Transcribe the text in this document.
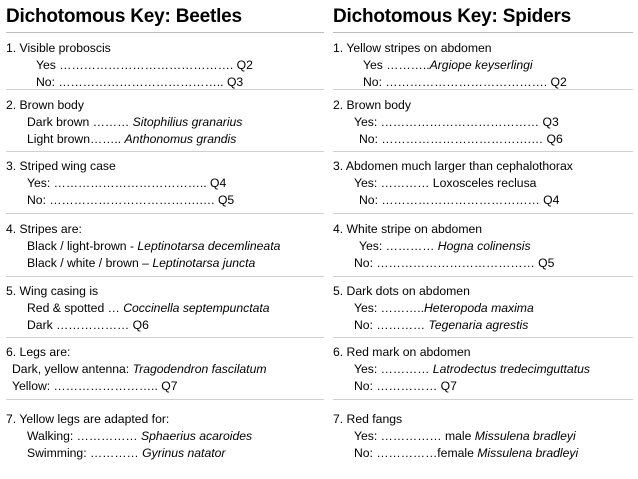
Dichotomous Key: Beetles
1. Visible proboscis
Yes ……………………………………. Q2
No: ………………………………….. Q3
2. Brown body
Dark brown ……… Sitophilius granarius
Light brown…….. Anthonomus grandis
3. Striped wing case
Yes: ……………………………….. Q4
No: ……………………………….…. Q5
4. Stripes are:
Black / light-brown - Leptinotarsa decemlineata
Black / white / brown – Leptinotarsa juncta
5. Wing casing is
Red & spotted … Coccinella septempunctata
Dark ……………… Q6
6. Legs are:
Dark, yellow antenna: Tragodendron fascilatum
Yellow: …………………….. Q7
7. Yellow legs are adapted for:
Walking: …………… Sphaerius acaroides
Swimming: ………… Gyrinus natator
Dichotomous Key: Spiders
1. Yellow stripes on abdomen
Yes ………..Argiope keyserlingi
No: …………………………………. Q2
2. Brown body
Yes: ………………………………… Q3
No: ……………………………….… Q6
3. Abdomen much larger than cephalothorax
Yes: ………… Loxosceles reclusa
No: ………………………………… Q4
4. White stripe on abdomen
Yes: ………… Hogna colinensis
No: ………………………………… Q5
5. Dark dots on abdomen
Yes: ………..Heteropoda maxima
No: ………… Tegenaria agrestis
6. Red mark on abdomen
Yes: ………… Latrodectus tredecimguttatus
No: …………… Q7
7. Red fangs
Yes: …………… male Missulena bradleyi
No: ……………female Missulena bradleyi
